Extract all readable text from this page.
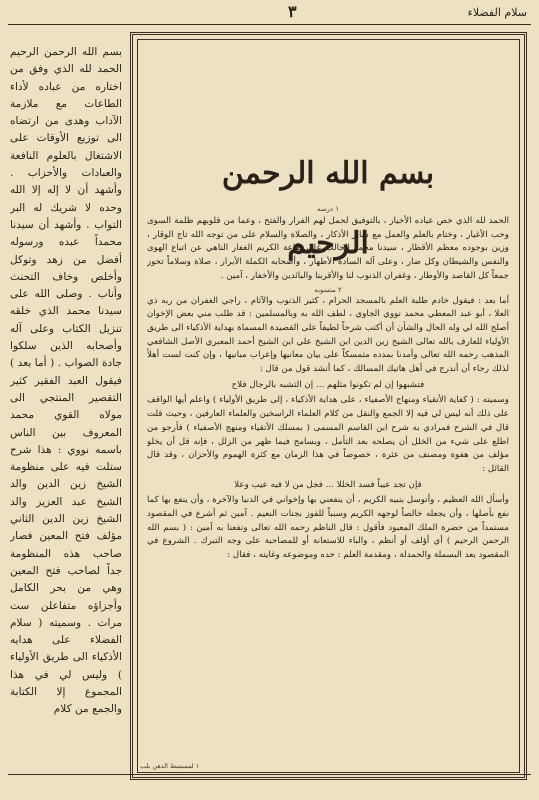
سلام الفضلاء
٣
بسم الله الرحمن الرحيم الحمد لله الذي وفق من اختاره من عباده لأداء الطاعات مع ملازمة الآداب وهدى من ارتضاه الى توزيع الأوقات على الاشتغال بالعلوم النافعة والعبادات والأحزاب . وأشهد أن لا إله إلا الله وحده لا شريك له البر التواب . وأشهد أن سيدنا محمداً عبده ورسوله أفضل من زهد وتوكل وأخلص وخاف التحنث وأناب . وصلى الله على سيدنا محمد الذي خلقه تنزيل الكتاب وعلى آله وأصحابه الذين سلكوا جادة الصواب . ( أما بعد ) فيقول العبد الفقير كثير التقصير المنتجي الى مولاه القوي محمد المعروف بين الناس باسمه نووي : هذا شرح ستلت فيه على منظومة الشيخ زين الدين والد الشيخ عبد العزيز والد الشيخ زين الدين الثاني مؤلف فتح المعين فصار صاحب هذه المنظومة جداً لصاحب فتح المعين وهي من بحر الكامل وأجزاؤه متفاعلن ست مرات . وسميته ( سلام الفضلاء على هدايه الأذكياء الى طريق الأولياء ) وليس لي في هذا المجموع إلا الكتابة والجمع من كلام
بسم الله الرحمن الرحيم
١ درسه

الحمد لله الذي خص عباده الأخيار ، بالتوفيق لحمل لهم الفرار والفتح ، وعما من قلوبهم ظلمة السوى وحب الأغيار ، وختام بالعلم والعمل مع ساير الأذكار ، والصلاة والسلام على من توجه الله تاج الوقار ، وزين بوجوده معظم الأقطار ، سيدنا محمد الجالب على طاعة الكريم الغفار الناهي عن اتباع الهوى والنفس والشيطان وكل ضار ، وعلى آله السادة الأطهار ، وأصحابه الكملة الأبرار ، صلاة وسلاماً تحوز جمعاً كل القاصد والأوطار ، وغفران الذنوب لنا والأقربنا والبائدين والأخفار ، آمين .

٢ منسوبه

أما بعد : فيقول خادم طلبة العلم بالمسجد الحرام ، كثير الذنوب والآثام ، راجي الغفران من ربه ذي العلا ، أبو عبد المعطي محمد نووي الجاوي ، لطف الله به وبالمسلمين : قد طلب مني بعض الإخوان أصلح الله لي وله الحال والشأن أن أكتب شرحاً لطيفاً على القصيدة المسماة بهداية الأذكياء الى طريق الأولياء للعارف بالله تعالى الشيخ زين الدين ابن الشيخ علي ابن الشيخ أحمد المعبري الأصل الشافعي المذهب رحمه الله تعالى وأمدنا بمدده متمسكاً على بيان معانيها وإعراب مبانيها ، وإن كنت لست أهلاً لذلك رجاء أن أندرج في أهل هاتيك المسالك ، كما أنشد قول من قال :

فتشبهوا إن لم تكونوا مثلهم ... إن التشبه بالرجال فلاح

وسميته : ( كفاية الأتقياء ومنهاج الأصفياء ، على هداية الأذكياء ، إلى طريق الأولياء ) واعلم أيها الواقف على ذلك أنه ليس لي فيه إلا الجمع والنقل من كلام العلماء الراسخين والعلماء العارفين ، وحيث قلت قال في الشرح فمرادي به شرح ابن القاسم المسمى ( بمسلك الأتقياء ومنهج الأصفياء ) فأرجو من اطلع على شيء من الخلل أن يصلحه بعد التأمل ، ويسامح فيما ظهر من الزلل ، فإنه قل أن يخلو مؤلف من هفوة ومصنف من عثرة ، خصوصاً في هذا الزمان مع كثرة الهموم والأحزان ، وقد قال القائل :

فإن تجد عيباً فسد الخللا ... فجل من لا فيه عيب وعلا

وأسأل الله العظيم ، وأتوسل بنبيه الكريم ، أن ينفعني بها وإخواني في الدنيا والآخرة ، وأن ينفع بها كما نفع بأصلها ، وأن يجعله خالصاً لوجهه الكريم وسبباً للفوز بجنات النعيم . آمين ثم أشرع في المقصود مستمداً من حضرة الملك المعبود فأقول : قال الناظم رحمه الله تعالى ونفعنا به آمين : ( بسم الله الرحمن الرحيم ) أي أؤلف أو أنظم ، والباء للاستعانة أو للمصاحبة على وجه التبرك . الشروع في المقصود بعد البسملة والحمدلة ، ومقدمة العلم : حده وموضوعه وغايته ، فقال :

١ لمستنبط الدهن بلب
